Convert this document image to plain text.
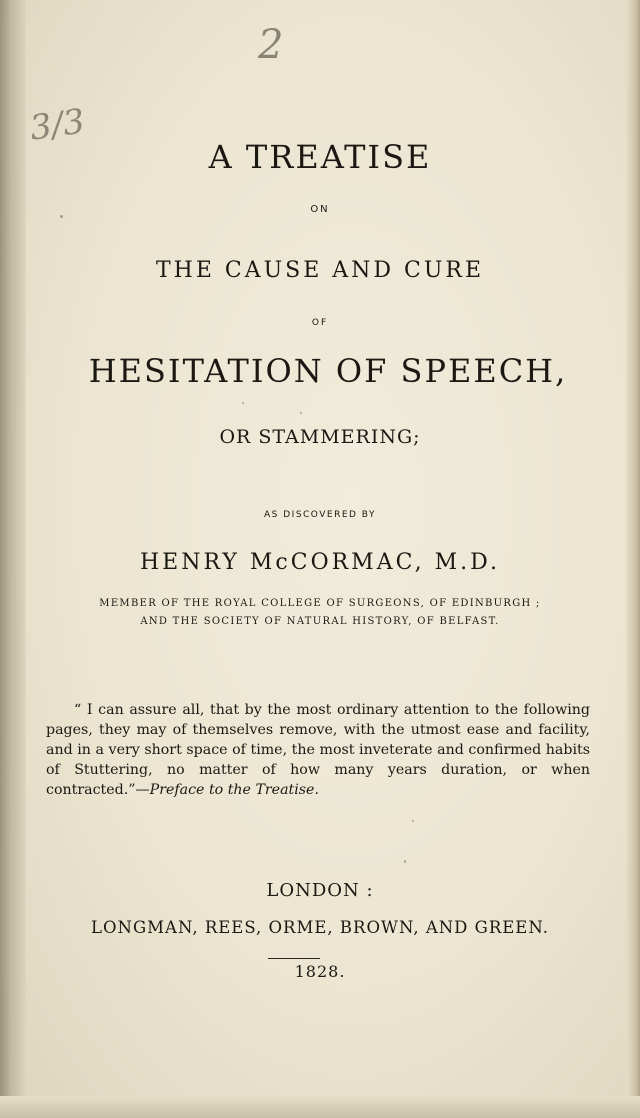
2
3/3
A TREATISE
ON
THE CAUSE AND CURE
OF
HESITATION OF SPEECH,
OR STAMMERING;
AS DISCOVERED BY
HENRY McCORMAC, M.D.
MEMBER OF THE ROYAL COLLEGE OF SURGEONS, OF EDINBURGH ;
AND THE SOCIETY OF NATURAL HISTORY, OF BELFAST.

“ I can assure all, that by the most ordinary attention to the following pages, they may of themselves remove, with the utmost ease and facility, and in a very short space of time, the most inveterate and confirmed habits of Stuttering, no matter of how many years duration, or when contracted.”—Preface to the Treatise.

LONDON :
LONGMAN, REES, ORME, BROWN, AND GREEN.
1828.
